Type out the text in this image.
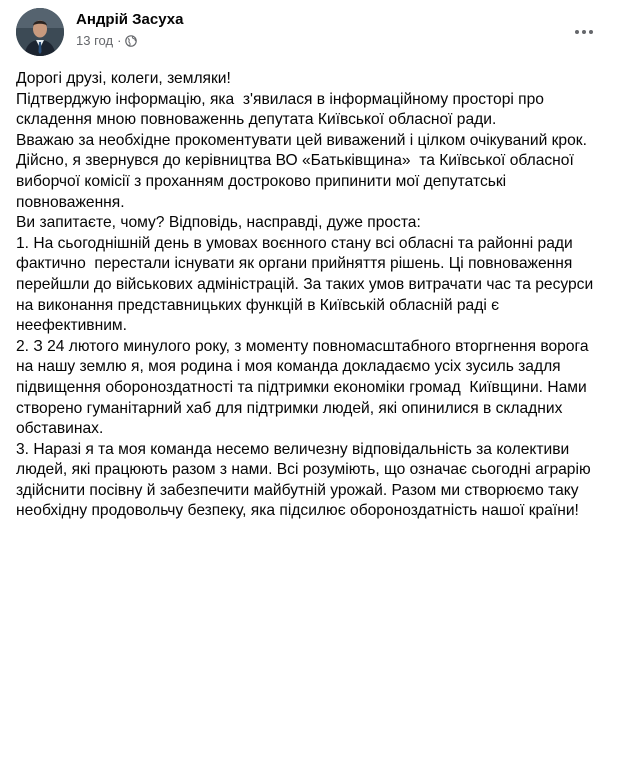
Андрій Засуха
13 год ·

Дорогі друзі, колеги, земляки!

Підтверджую інформацію, яка  з'явилася в інформаційному просторі про  складення мною повноваженнь депутата Київської обласної ради.

Вважаю за необхідне прокоментувати цей виважений і цілком очікуваний крок.

Дійсно, я звернувся до керівництва ВО «Батьківщина»  та Київської обласної виборчої комісії з проханням достроково припинити мої депутатські повноваження.

Ви запитаєте, чому? Відповідь, насправді, дуже проста:

1. На сьогоднішній день в умовах воєнного стану всі обласні та районні ради фактично  перестали існувати як органи прийняття рішень. Ці повноваження перейшли до військових адміністрацій. За таких умов витрачати час та ресурси на виконання представницьких функцій в Київській обласній раді є неефективним.

2. З 24 лютого минулого року, з моменту повномасштабного вторгнення ворога на нашу землю я, моя родина і моя команда докладаємо усіх зусиль задля підвищення обороноздатності та підтримки економіки громад  Київщини. Нами створено гуманітарний хаб для підтримки людей, які опинилися в складних обставинах.

3. Наразі я та моя команда несемо величезну відповідальність за колективи людей, які працюють разом з нами. Всі розуміють, що означає сьогодні аграрію здійснити посівну й забезпечити майбутній урожай. Разом ми створюємо таку необхідну продовольчу безпеку, яка підсилює обороноздатність нашої країни!
